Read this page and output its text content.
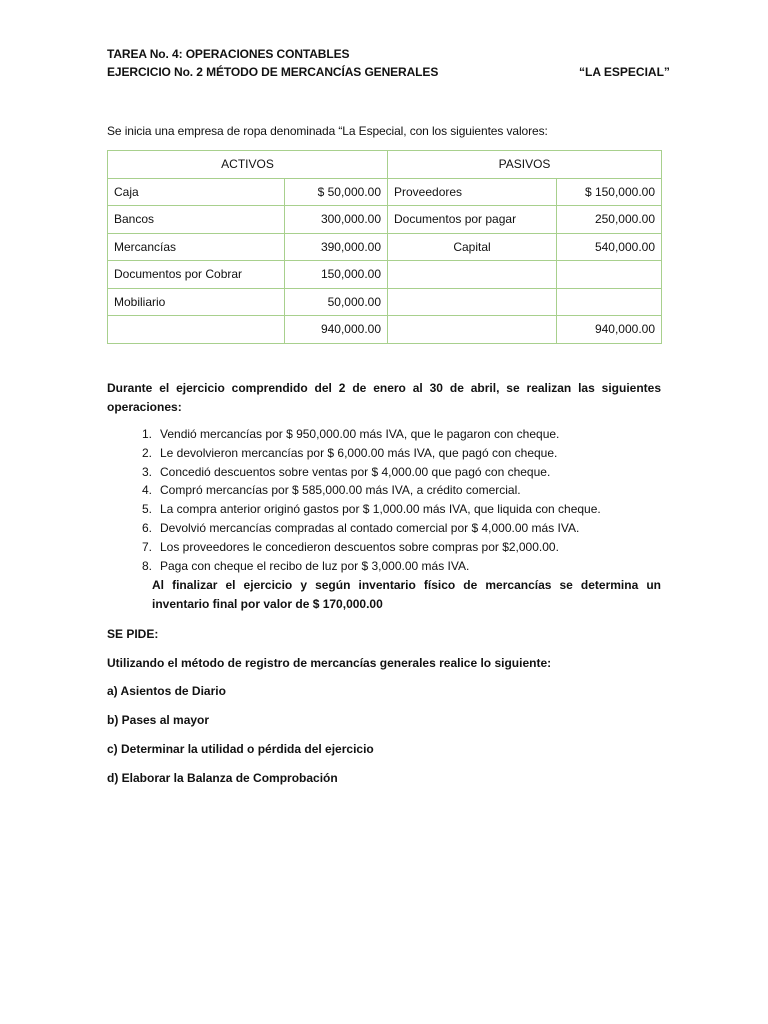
TAREA No. 4: OPERACIONES CONTABLES
EJERCICIO No. 2 MÉTODO DE MERCANCÍAS GENERALES	“LA ESPECIAL”
Se inicia una empresa de ropa denominada “La Especial, con los siguientes valores:
ACTIVOS		PASIVOS	
Caja	$ 50,000.00	Proveedores	$ 150,000.00
Bancos	300,000.00	Documentos por pagar	250,000.00
Mercancías	390,000.00	Capital	540,000.00
Documentos por Cobrar	150,000.00		
Mobiliario	50,000.00		
	940,000.00		940,000.00
Durante el ejercicio comprendido del 2 de enero al 30 de abril, se realizan las siguientes operaciones:
1. Vendió mercancías por $ 950,000.00 más IVA, que le pagaron con cheque.
2. Le devolvieron mercancías por $ 6,000.00 más IVA, que pagó con cheque.
3. Concedió descuentos sobre ventas por $ 4,000.00 que pagó con cheque.
4. Compró mercancías por $ 585,000.00 más IVA, a crédito comercial.
5. La compra anterior originó gastos por $ 1,000.00 más IVA, que liquida con cheque.
6. Devolvió mercancías compradas al contado comercial por $ 4,000.00 más IVA.
7. Los proveedores le concedieron descuentos sobre compras por $2,000.00.
8. Paga con cheque el recibo de luz por $ 3,000.00 más IVA.
Al finalizar el ejercicio y según inventario físico de mercancías se determina un inventario final por valor de $ 170,000.00
SE PIDE:
Utilizando el método de registro de mercancías generales realice lo siguiente:
a) Asientos de Diario
b) Pases al mayor
c) Determinar la utilidad o pérdida del ejercicio
d) Elaborar la Balanza de Comprobación
